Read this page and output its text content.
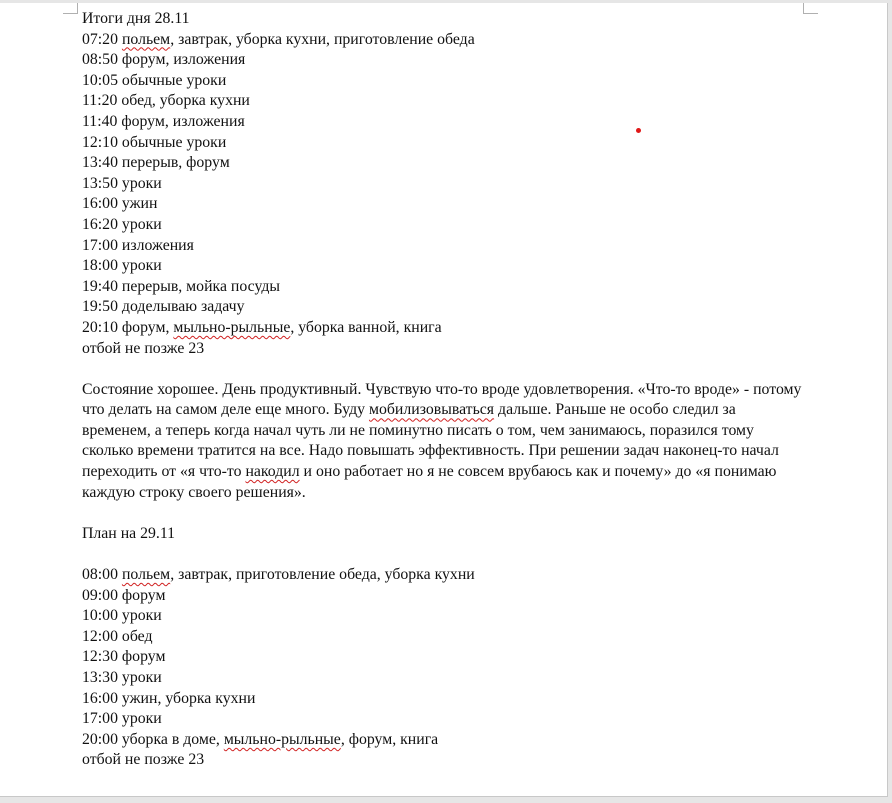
Итоги дня 28.11
07:20 польем, завтрак, уборка кухни, приготовление обеда
08:50 форум, изложения
10:05 обычные уроки
11:20 обед, уборка кухни
11:40 форум, изложения
12:10 обычные уроки
13:40 перерыв, форум
13:50 уроки
16:00 ужин
16:20 уроки
17:00 изложения
18:00 уроки
19:40 перерыв, мойка посуды
19:50 доделываю задачу
20:10 форум, мыльно-рыльные, уборка ванной, книга
отбой не позже 23
Состояние хорошее. День продуктивный. Чувствую что-то вроде удовлетворения. «Что-то вроде» - потому что делать на самом деле еще много. Буду мобилизовываться дальше. Раньше не особо следил за временем, а теперь когда начал чуть ли не поминутно писать о том, чем занимаюсь, поразился тому сколько времени тратится на все. Надо повышать эффективность. При решении задач наконец-то начал переходить от «я что-то накодил и оно работает но я не совсем врубаюсь как и почему» до «я понимаю каждую строку своего решения».
План на 29.11
08:00 польем, завтрак, приготовление обеда, уборка кухни
09:00 форум
10:00 уроки
12:00 обед
12:30 форум
13:30 уроки
16:00 ужин, уборка кухни
17:00 уроки
20:00 уборка в доме, мыльно-рыльные, форум, книга
отбой не позже 23
